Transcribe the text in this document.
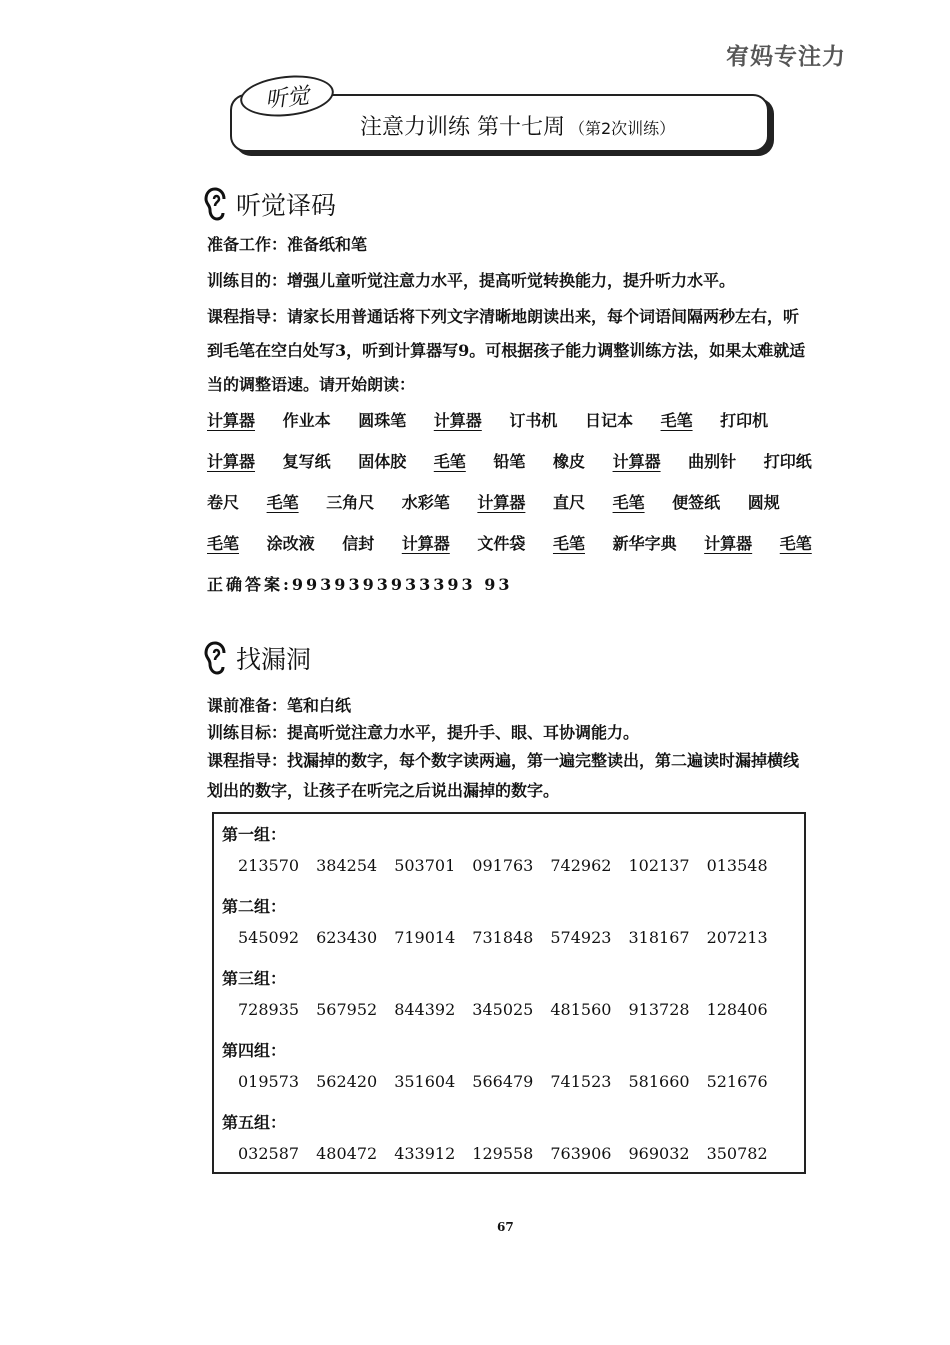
宥妈专注力
听觉
注意力训练 第十七周 （第2次训练）
听觉译码
准备工作：准备纸和笔
训练目的：增强儿童听觉注意力水平，提高听觉转换能力，提升听力水平。
课程指导：请家长用普通话将下列文字清晰地朗读出来，每个词语间隔两秒左右，听到毛笔在空白处写3，听到计算器写9。可根据孩子能力调整训练方法，如果太难就适当的调整语速。请开始朗读：
计算器 作业本 圆珠笔 计算器 订书机 日记本 毛笔 打印机
计算器 复写纸 固体胶 毛笔 铅笔 橡皮 计算器 曲别针 打印纸
卷尺 毛笔 三角尺 水彩笔 计算器 直尺 毛笔 便签纸 圆规
毛笔 涂改液 信封 计算器 文件袋 毛笔 新华字典 计算器 毛笔
正确答案:9939393933393 93
找漏洞
课前准备：笔和白纸
训练目标：提高听觉注意力水平，提升手、眼、耳协调能力。
课程指导：找漏掉的数字，每个数字读两遍，第一遍完整读出，第二遍读时漏掉横线划出的数字，让孩子在听完之后说出漏掉的数字。
第一组：
213570 384254 503701 091763 742962 102137 013548
第二组：
545092 623430 719014 731848 574923 318167 207213
第三组：
728935 567952 844392 345025 481560 913728 128406
第四组：
019573 562420 351604 566479 741523 581660 521676
第五组：
032587 480472 433912 129558 763906 969032 350782
67
